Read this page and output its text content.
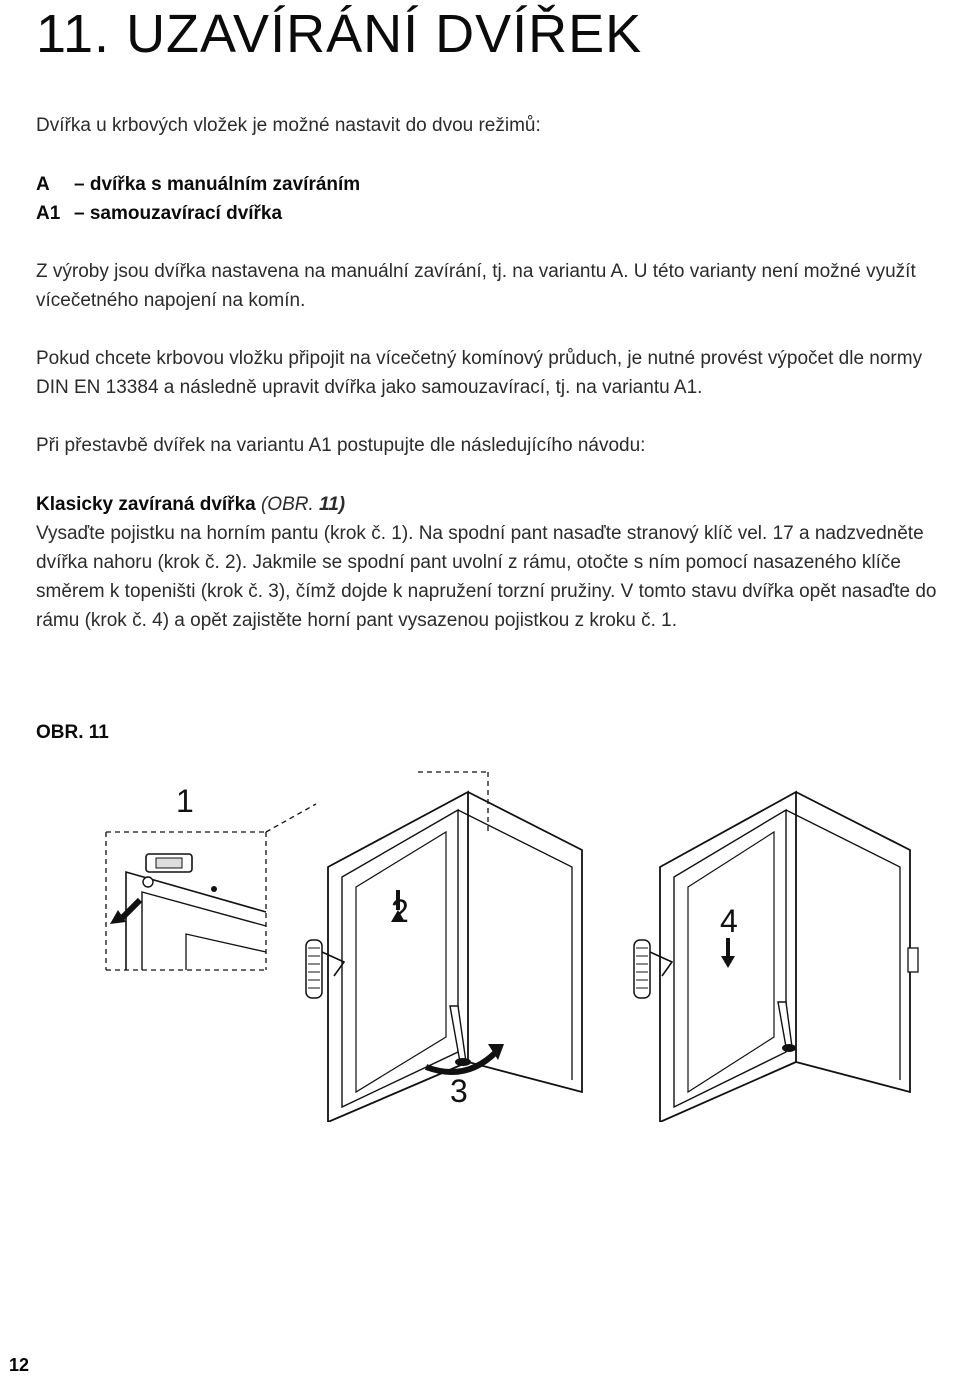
11. UZAVÍRÁNÍ DVÍŘEK
Dvířka u krbových vložek je možné nastavit do dvou režimů:
A	– dvířka s manuálním zavíráním
A1 – samouzavírací dvířka
Z výroby jsou dvířka nastavena na manuální zavírání, tj. na variantu A. U této varianty není možné využít vícečetného napojení na komín.
Pokud chcete krbovou vložku připojit na vícečetný komínový průduch, je nutné provést výpočet dle normy DIN EN 13384 a následně upravit dvířka jako samouzavírací, tj. na variantu A1.
Při přestavbě dvířek na variantu A1 postupujte dle následujícího návodu:
Klasicky zavíraná dvířka (OBR. 11)
Vysaďte pojistku na horním pantu (krok č. 1). Na spodní pant nasaďte stranový klíč vel. 17 a nadzvedněte dvířka nahoru (krok č. 2). Jakmile se spodní pant uvolní z rámu, otočte s ním pomocí nasazeného klíče směrem k topeništi (krok č. 3), čímž dojde k napružení torzní pružiny. V tomto stavu dvířka opět nasaďte do rámu (krok č. 4) a opět zajistěte horní pant vysazenou pojistkou z kroku č. 1.
OBR. 11
1
2
3
4
12
